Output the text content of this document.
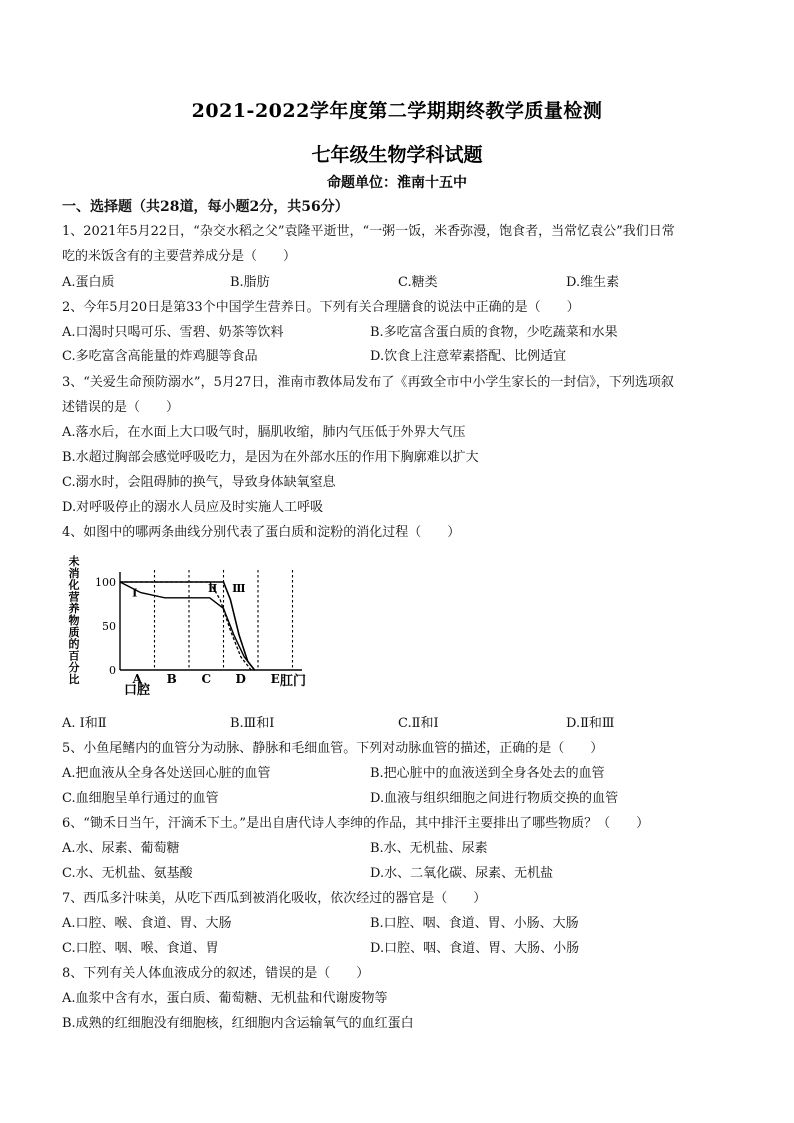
2021-2022学年度第二学期期终教学质量检测
七年级生物学科试题
命题单位：淮南十五中
一、选择题（共28道，每小题2分，共56分）
1、2021年5月22日，“杂交水稻之父”袁隆平逝世，“一粥一饭，米香弥漫，饱食者，当常忆袁公”我们日常
吃的米饭含有的主要营养成分是（　　）
A.蛋白质	B.脂肪	C.糖类	D.维生素
2、今年5月20日是第33个中国学生营养日。下列有关合理膳食的说法中正确的是（　　）
A.口渴时只喝可乐、雪碧、奶茶等饮料	B.多吃富含蛋白质的食物，少吃蔬菜和水果
C.多吃富含高能量的炸鸡腿等食品	D.饮食上注意荤素搭配、比例适宜
3、“关爱生命预防溺水”，5月27日，淮南市教体局发布了《再致全市中小学生家长的一封信》，下列选项叙
述错误的是（　　）
A.落水后，在水面上大口吸气时，膈肌收缩，肺内气压低于外界大气压
B.水超过胸部会感觉呼吸吃力，是因为在外部水压的作用下胸廓难以扩大
C.溺水时，会阻碍肺的换气，导致身体缺氧窒息
D.对呼吸停止的溺水人员应及时实施人工呼吸
4、如图中的哪两条曲线分别代表了蛋白质和淀粉的消化过程（　　）
未
消
化
营
养
物
质
的
百
分
比
100
50
0
A B C D E
Ⅰ	Ⅱ Ⅲ
口腔
肛门
A. Ⅰ和Ⅱ	B.Ⅲ和Ⅰ	C.Ⅱ和Ⅰ	D.Ⅱ和Ⅲ
5、小鱼尾鳍内的血管分为动脉、静脉和毛细血管。下列对动脉血管的描述，正确的是（　　）
A.把血液从全身各处送回心脏的血管	B.把心脏中的血液送到全身各处去的血管
C.血细胞呈单行通过的血管	D.血液与组织细胞之间进行物质交换的血管
6、“锄禾日当午，汗滴禾下土。”是出自唐代诗人李绅的作品，其中排汗主要排出了哪些物质？（　　）
A.水、尿素、葡萄糖	B.水、无机盐、尿素
C.水、无机盐、氨基酸	D.水、二氧化碳、尿素、无机盐
7、西瓜多汁味美，从吃下西瓜到被消化吸收，依次经过的器官是（　　）
A.口腔、喉、食道、胃、大肠	B.口腔、咽、食道、胃、小肠、大肠
C.口腔、咽、喉、食道、胃	D.口腔、咽、食道、胃、大肠、小肠
8、下列有关人体血液成分的叙述，错误的是（　　）
A.血浆中含有水，蛋白质、葡萄糖、无机盐和代谢废物等
B.成熟的红细胞没有细胞核，红细胞内含运输氧气的血红蛋白
